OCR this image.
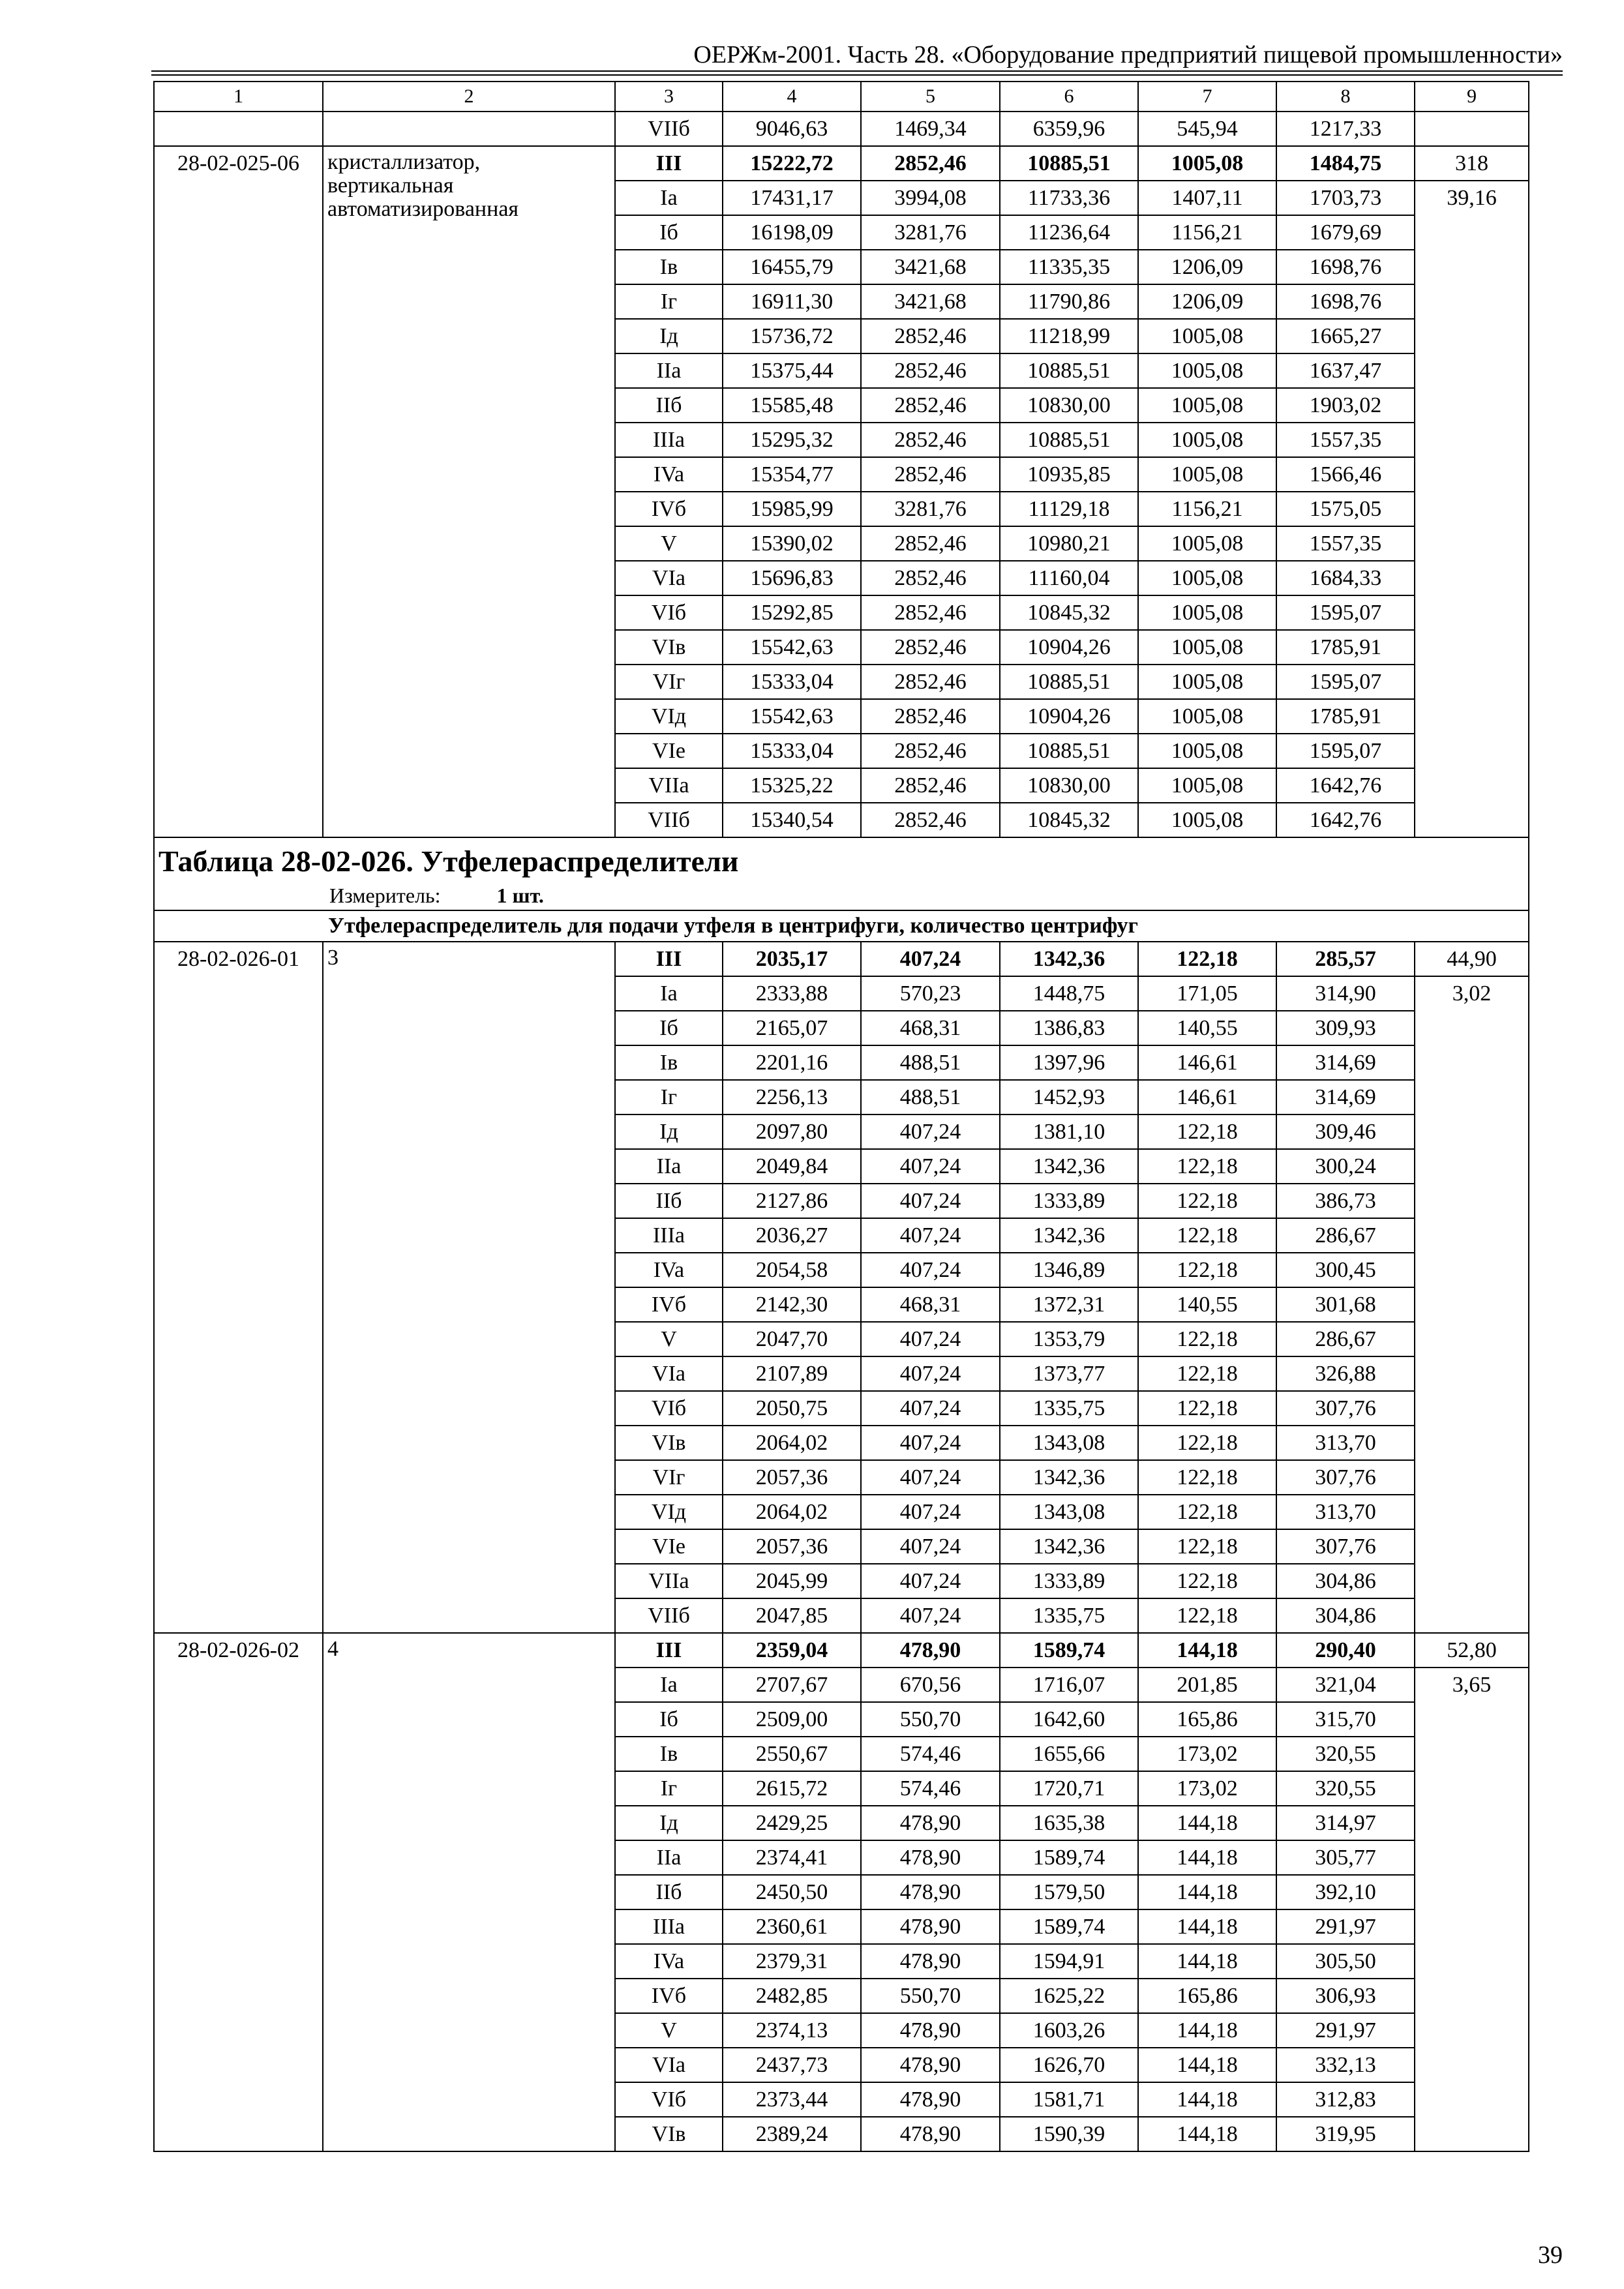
ОЕРЖм-2001. Часть 28. «Оборудование предприятий пищевой промышленности»
1	2	3	4	5	6	7	8	9
		VIIб	9046,63	1469,34	6359,96	545,94	1217,33	
28-02-025-06	кристаллизатор, вертикальная автоматизированная	III	15222,72	2852,46	10885,51	1005,08	1484,75	318
		Ia	17431,17	3994,08	11733,36	1407,11	1703,73	39,16
		Iб	16198,09	3281,76	11236,64	1156,21	1679,69	
		Iв	16455,79	3421,68	11335,35	1206,09	1698,76	
		Iг	16911,30	3421,68	11790,86	1206,09	1698,76	
		Iд	15736,72	2852,46	11218,99	1005,08	1665,27	
		IIa	15375,44	2852,46	10885,51	1005,08	1637,47	
		IIб	15585,48	2852,46	10830,00	1005,08	1903,02	
		IIIa	15295,32	2852,46	10885,51	1005,08	1557,35	
		IVa	15354,77	2852,46	10935,85	1005,08	1566,46	
		IVб	15985,99	3281,76	11129,18	1156,21	1575,05	
		V	15390,02	2852,46	10980,21	1005,08	1557,35	
		VIa	15696,83	2852,46	11160,04	1005,08	1684,33	
		VIб	15292,85	2852,46	10845,32	1005,08	1595,07	
		VIв	15542,63	2852,46	10904,26	1005,08	1785,91	
		VIг	15333,04	2852,46	10885,51	1005,08	1595,07	
		VIд	15542,63	2852,46	10904,26	1005,08	1785,91	
		VIe	15333,04	2852,46	10885,51	1005,08	1595,07	
		VIIa	15325,22	2852,46	10830,00	1005,08	1642,76	
		VIIб	15340,54	2852,46	10845,32	1005,08	1642,76	

Таблица 28-02-026. Утфелераспределители
Измеритель: 1 шт.								

Утфелераспределитель для подачи утфеля в центрифуги, количество центрифуг								
28-02-026-01	3	III	2035,17	407,24	1342,36	122,18	285,57	44,90
		Ia	2333,88	570,23	1448,75	171,05	314,90	3,02
		Iб	2165,07	468,31	1386,83	140,55	309,93	
		Iв	2201,16	488,51	1397,96	146,61	314,69	
		Iг	2256,13	488,51	1452,93	146,61	314,69	
		Iд	2097,80	407,24	1381,10	122,18	309,46	
		IIa	2049,84	407,24	1342,36	122,18	300,24	
		IIб	2127,86	407,24	1333,89	122,18	386,73	
		IIIa	2036,27	407,24	1342,36	122,18	286,67	
		IVa	2054,58	407,24	1346,89	122,18	300,45	
		IVб	2142,30	468,31	1372,31	140,55	301,68	
		V	2047,70	407,24	1353,79	122,18	286,67	
		VIa	2107,89	407,24	1373,77	122,18	326,88	
		VIб	2050,75	407,24	1335,75	122,18	307,76	
		VIв	2064,02	407,24	1343,08	122,18	313,70	
		VIг	2057,36	407,24	1342,36	122,18	307,76	
		VIд	2064,02	407,24	1343,08	122,18	313,70	
		VIe	2057,36	407,24	1342,36	122,18	307,76	
		VIIa	2045,99	407,24	1333,89	122,18	304,86	
		VIIб	2047,85	407,24	1335,75	122,18	304,86	
28-02-026-02	4	III	2359,04	478,90	1589,74	144,18	290,40	52,80
		Ia	2707,67	670,56	1716,07	201,85	321,04	3,65
		Iб	2509,00	550,70	1642,60	165,86	315,70	
		Iв	2550,67	574,46	1655,66	173,02	320,55	
		Iг	2615,72	574,46	1720,71	173,02	320,55	
		Iд	2429,25	478,90	1635,38	144,18	314,97	
		IIa	2374,41	478,90	1589,74	144,18	305,77	
		IIб	2450,50	478,90	1579,50	144,18	392,10	
		IIIa	2360,61	478,90	1589,74	144,18	291,97	
		IVa	2379,31	478,90	1594,91	144,18	305,50	
		IVб	2482,85	550,70	1625,22	165,86	306,93	
		V	2374,13	478,90	1603,26	144,18	291,97	
		VIa	2437,73	478,90	1626,70	144,18	332,13	
		VIб	2373,44	478,90	1581,71	144,18	312,83	
		VIв	2389,24	478,90	1590,39	144,18	319,95	
39
